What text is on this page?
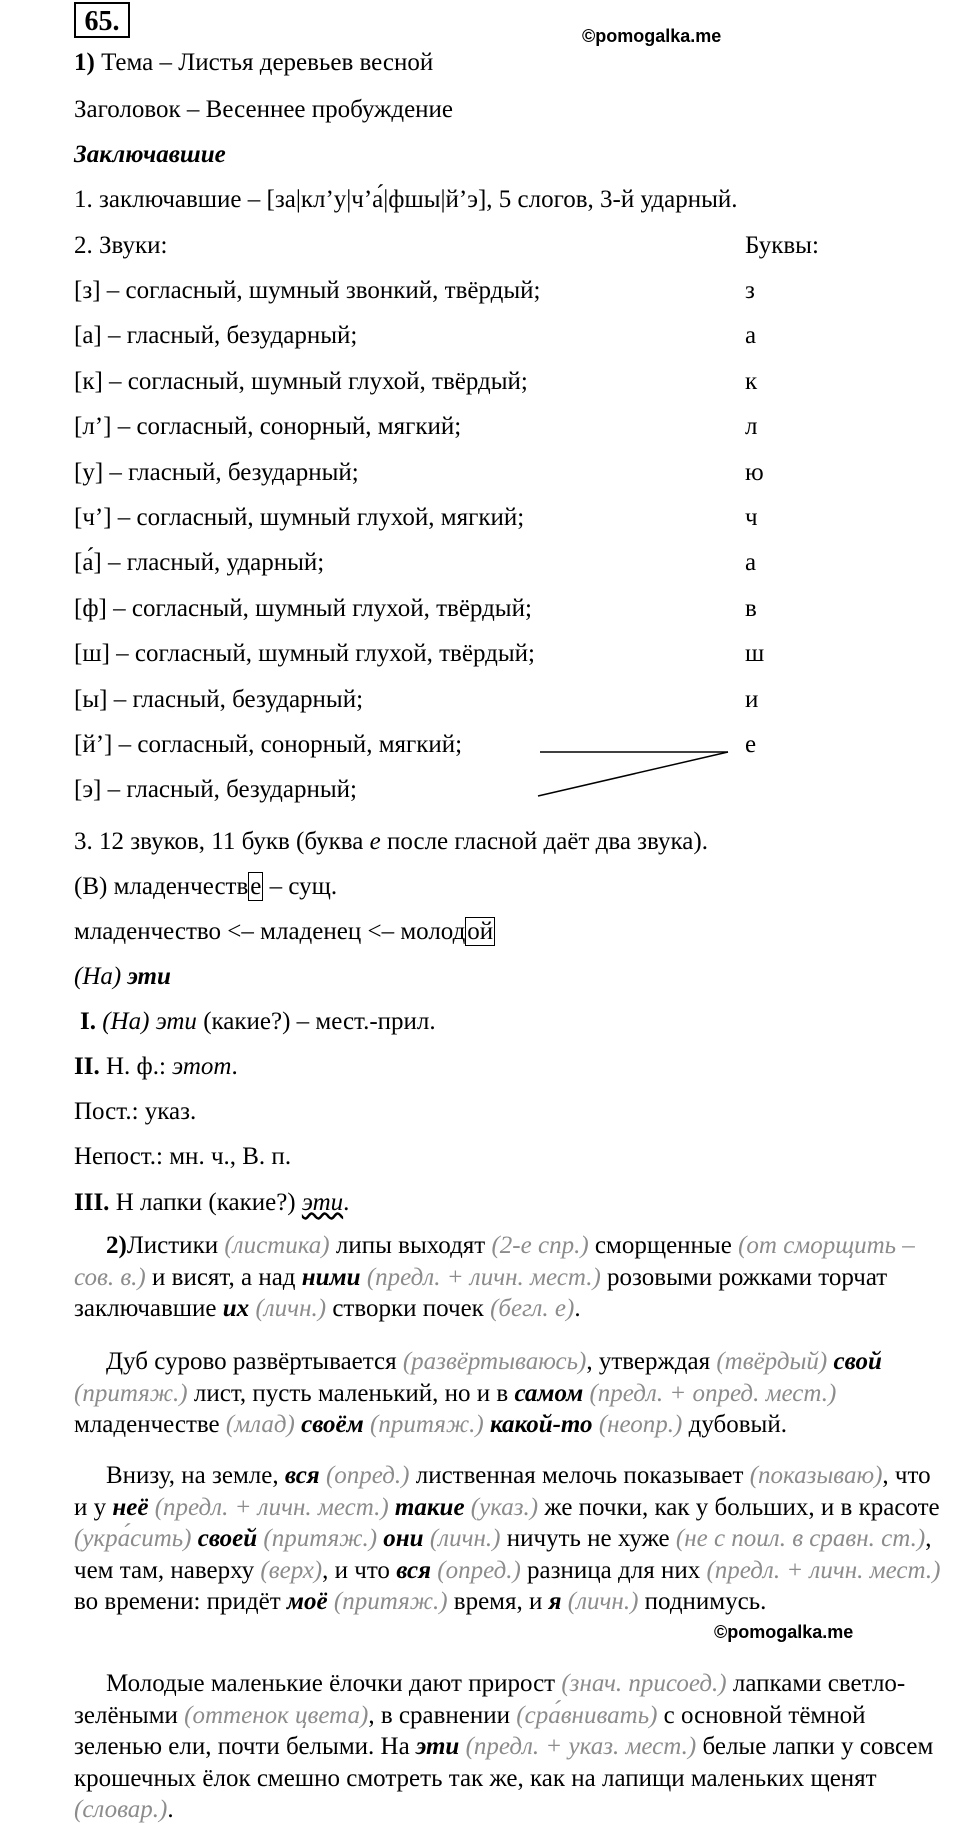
65.	©pomogalka.me
1) Тема – Листья деревьев весной
Заголовок – Весеннее пробуждение
Заключавшие
1. заключавшие – [за|кл’у|ч’а́|фшы|й’э], 5 слогов, 3-й ударный.
2. Звуки:	Буквы:
[з] – согласный, шумный звонкий, твёрдый;	з
[а] – гласный, безударный;	а
[к] – согласный, шумный глухой, твёрдый;	к
[л’] – согласный, сонорный, мягкий;	л
[у] – гласный, безударный;	ю
[ч’] – согласный, шумный глухой, мягкий;	ч
[а́] – гласный, ударный;	а
[ф] – согласный, шумный глухой, твёрдый;	в
[ш] – согласный, шумный глухой, твёрдый;	ш
[ы] – гласный, безударный;	и
[й’] – согласный, сонорный, мягкий;	е
[э] – гласный, безударный;
3. 12 звуков, 11 букв (буква е после гласной даёт два звука).
(В) младенчестве – сущ.
младенчество <– младенец <– молодой
(На) эти
I. (На) эти (какие?) – мест.-прил.
II. Н. ф.: этот.
Пост.: указ.
Непост.: мн. ч., В. п.
III. Н лапки (какие?) эти.
2)Листики (листика) липы выходят (2-е спр.) сморщенные (от сморщить – сов. в.) и висят, а над ними (предл. + личн. мест.) розовыми рожками торчат заключавшие их (личн.) створки почек (бегл. е).
Дуб сурово развёртывается (развёртываюсь), утверждая (твёрдый) свой (притяж.) лист, пусть маленький, но и в самом (предл. + опред. мест.) младенчестве (млад) своём (притяж.) какой-то (неопр.) дубовый.
Внизу, на земле, вся (опред.) лиственная мелочь показывает (показываю), что и у неё (предл. + личн. мест.) такие (указ.) же почки, как у больших, и в красоте (укра́сить) своей (притяж.) они (личн.) ничуть не хуже (не с поил. в сравн. ст.), чем там, наверху (верх), и что вся (опред.) разница для них (предл. + личн. мест.) во времени: придёт моё (притяж.) время, и я (личн.) поднимусь.
©pomogalka.me
Молодые маленькие ёлочки дают прирост (знач. присоед.) лапками светло-зелёными (оттенок цвета), в сравнении (сра́внивать) с основной тёмной зеленью ели, почти белыми. На эти (предл. + указ. мест.) белые лапки у совсем крошечных ёлок смешно смотреть так же, как на лапищи маленьких щенят (словар.).
